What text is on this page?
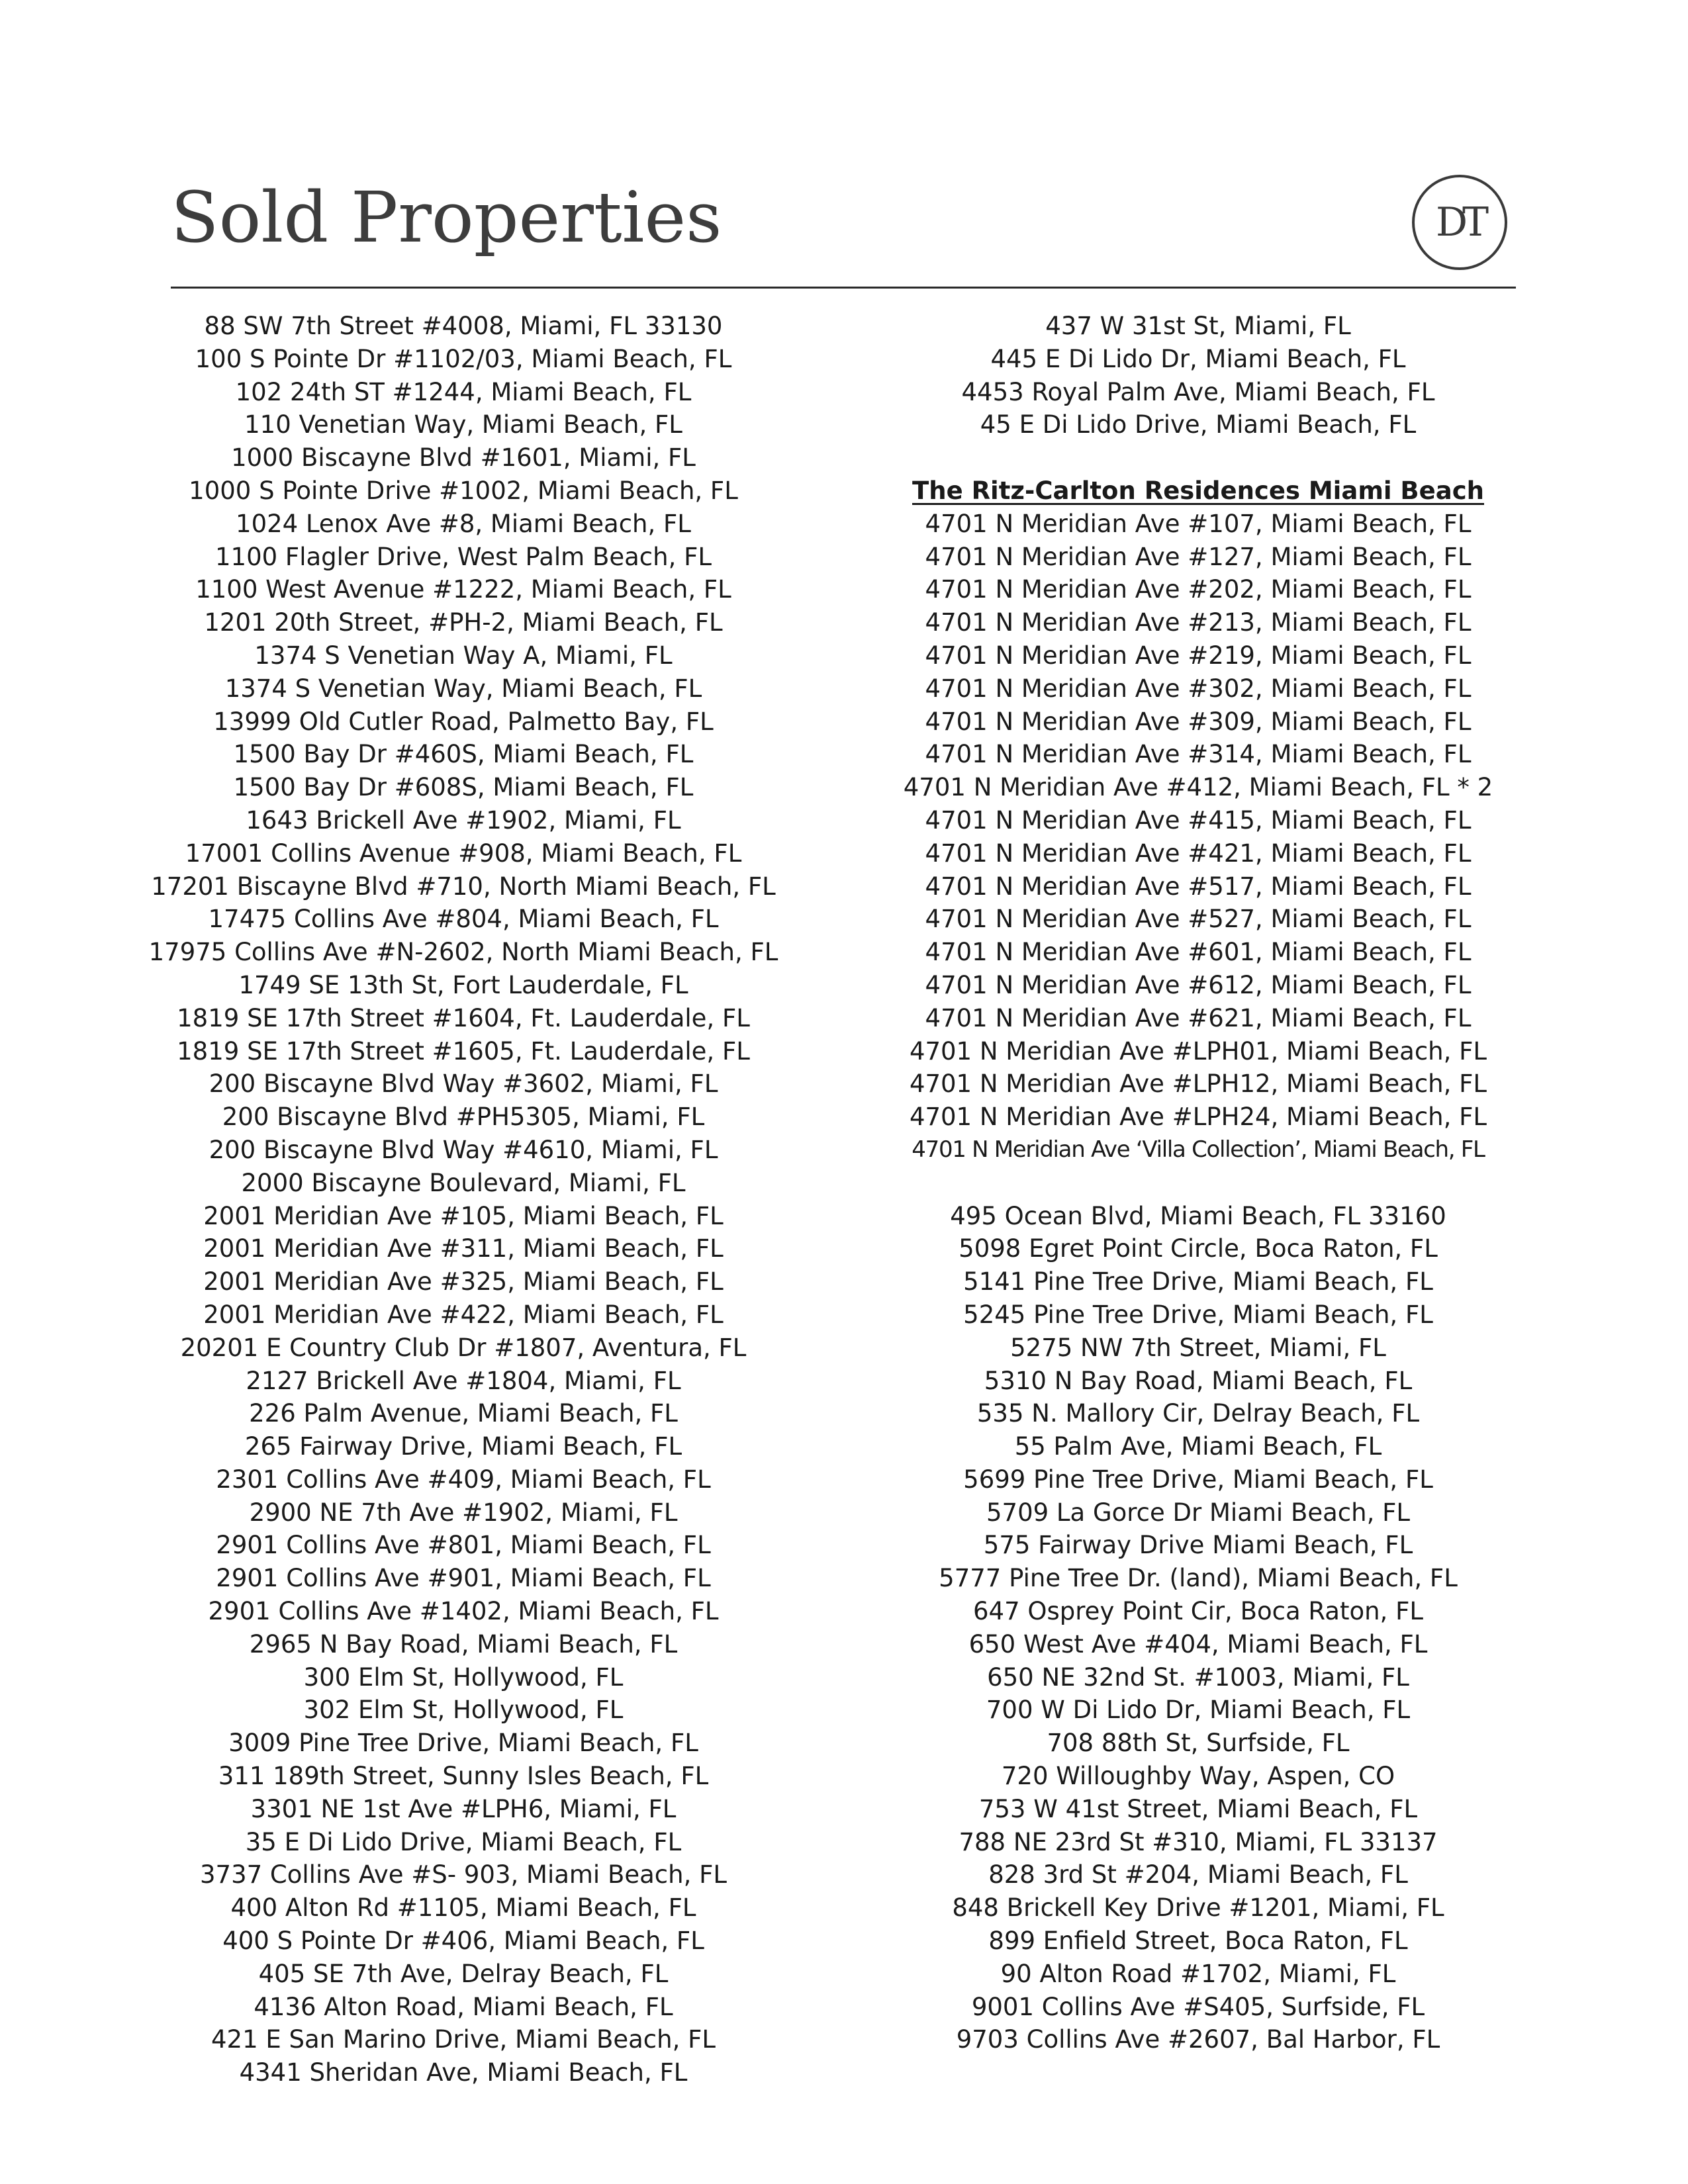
Sold Properties	DT
88 SW 7th Street #4008, Miami, FL 33130
100 S Pointe Dr #1102/03, Miami Beach, FL
102 24th ST #1244, Miami Beach, FL
110 Venetian Way, Miami Beach, FL
1000 Biscayne Blvd #1601, Miami, FL
1000 S Pointe Drive #1002, Miami Beach, FL
1024 Lenox Ave #8, Miami Beach, FL
1100 Flagler Drive, West Palm Beach, FL
1100 West Avenue #1222, Miami Beach, FL
1201 20th Street, #PH-2, Miami Beach, FL
1374 S Venetian Way A, Miami, FL
1374 S Venetian Way, Miami Beach, FL
13999 Old Cutler Road, Palmetto Bay, FL
1500 Bay Dr #460S, Miami Beach, FL
1500 Bay Dr #608S, Miami Beach, FL
1643 Brickell Ave #1902, Miami, FL
17001 Collins Avenue #908, Miami Beach, FL
17201 Biscayne Blvd #710, North Miami Beach, FL
17475 Collins Ave #804, Miami Beach, FL
17975 Collins Ave #N-2602, North Miami Beach, FL
1749 SE 13th St, Fort Lauderdale, FL
1819 SE 17th Street #1604, Ft. Lauderdale, FL
1819 SE 17th Street #1605, Ft. Lauderdale, FL
200 Biscayne Blvd Way #3602, Miami, FL
200 Biscayne Blvd #PH5305, Miami, FL
200 Biscayne Blvd Way #4610, Miami, FL
2000 Biscayne Boulevard, Miami, FL
2001 Meridian Ave #105, Miami Beach, FL
2001 Meridian Ave #311, Miami Beach, FL
2001 Meridian Ave #325, Miami Beach, FL
2001 Meridian Ave #422, Miami Beach, FL
20201 E Country Club Dr #1807, Aventura, FL
2127 Brickell Ave #1804, Miami, FL
226 Palm Avenue, Miami Beach, FL
265 Fairway Drive, Miami Beach, FL
2301 Collins Ave #409, Miami Beach, FL
2900 NE 7th Ave #1902, Miami, FL
2901 Collins Ave #801, Miami Beach, FL
2901 Collins Ave #901, Miami Beach, FL
2901 Collins Ave #1402, Miami Beach, FL
2965 N Bay Road, Miami Beach, FL
300 Elm St, Hollywood, FL
302 Elm St, Hollywood, FL
3009 Pine Tree Drive, Miami Beach, FL
311 189th Street, Sunny Isles Beach, FL
3301 NE 1st Ave #LPH6, Miami, FL
35 E Di Lido Drive, Miami Beach, FL
3737 Collins Ave #S- 903, Miami Beach, FL
400 Alton Rd #1105, Miami Beach, FL
400 S Pointe Dr #406, Miami Beach, FL
405 SE 7th Ave, Delray Beach, FL
4136 Alton Road, Miami Beach, FL
421 E San Marino Drive, Miami Beach, FL
4341 Sheridan Ave, Miami Beach, FL
437 W 31st St, Miami, FL
445 E Di Lido Dr, Miami Beach, FL
4453 Royal Palm Ave, Miami Beach, FL
45 E Di Lido Drive, Miami Beach, FL
The Ritz-Carlton Residences Miami Beach
4701 N Meridian Ave #107, Miami Beach, FL
4701 N Meridian Ave #127, Miami Beach, FL
4701 N Meridian Ave #202, Miami Beach, FL
4701 N Meridian Ave #213, Miami Beach, FL
4701 N Meridian Ave #219, Miami Beach, FL
4701 N Meridian Ave #302, Miami Beach, FL
4701 N Meridian Ave #309, Miami Beach, FL
4701 N Meridian Ave #314, Miami Beach, FL
4701 N Meridian Ave #412, Miami Beach, FL * 2
4701 N Meridian Ave #415, Miami Beach, FL
4701 N Meridian Ave #421, Miami Beach, FL
4701 N Meridian Ave #517, Miami Beach, FL
4701 N Meridian Ave #527, Miami Beach, FL
4701 N Meridian Ave #601, Miami Beach, FL
4701 N Meridian Ave #612, Miami Beach, FL
4701 N Meridian Ave #621, Miami Beach, FL
4701 N Meridian Ave #LPH01, Miami Beach, FL
4701 N Meridian Ave #LPH12, Miami Beach, FL
4701 N Meridian Ave #LPH24, Miami Beach, FL
4701 N Meridian Ave ‘Villa Collection’, Miami Beach, FL
495 Ocean Blvd, Miami Beach, FL 33160
5098 Egret Point Circle, Boca Raton, FL
5141 Pine Tree Drive, Miami Beach, FL
5245 Pine Tree Drive, Miami Beach, FL
5275 NW 7th Street, Miami, FL
5310 N Bay Road, Miami Beach, FL
535 N. Mallory Cir, Delray Beach, FL
55 Palm Ave, Miami Beach, FL
5699 Pine Tree Drive, Miami Beach, FL
5709 La Gorce Dr Miami Beach, FL
575 Fairway Drive Miami Beach, FL
5777 Pine Tree Dr. (land), Miami Beach, FL
647 Osprey Point Cir, Boca Raton, FL
650 West Ave #404, Miami Beach, FL
650 NE 32nd St. #1003, Miami, FL
700 W Di Lido Dr, Miami Beach, FL
708 88th St, Surfside, FL
720 Willoughby Way, Aspen, CO
753 W 41st Street, Miami Beach, FL
788 NE 23rd St #310, Miami, FL 33137
828 3rd St #204, Miami Beach, FL
848 Brickell Key Drive #1201, Miami, FL
899 Enfield Street, Boca Raton, FL
90 Alton Road #1702, Miami, FL
9001 Collins Ave #S405, Surfside, FL
9703 Collins Ave #2607, Bal Harbor, FL
